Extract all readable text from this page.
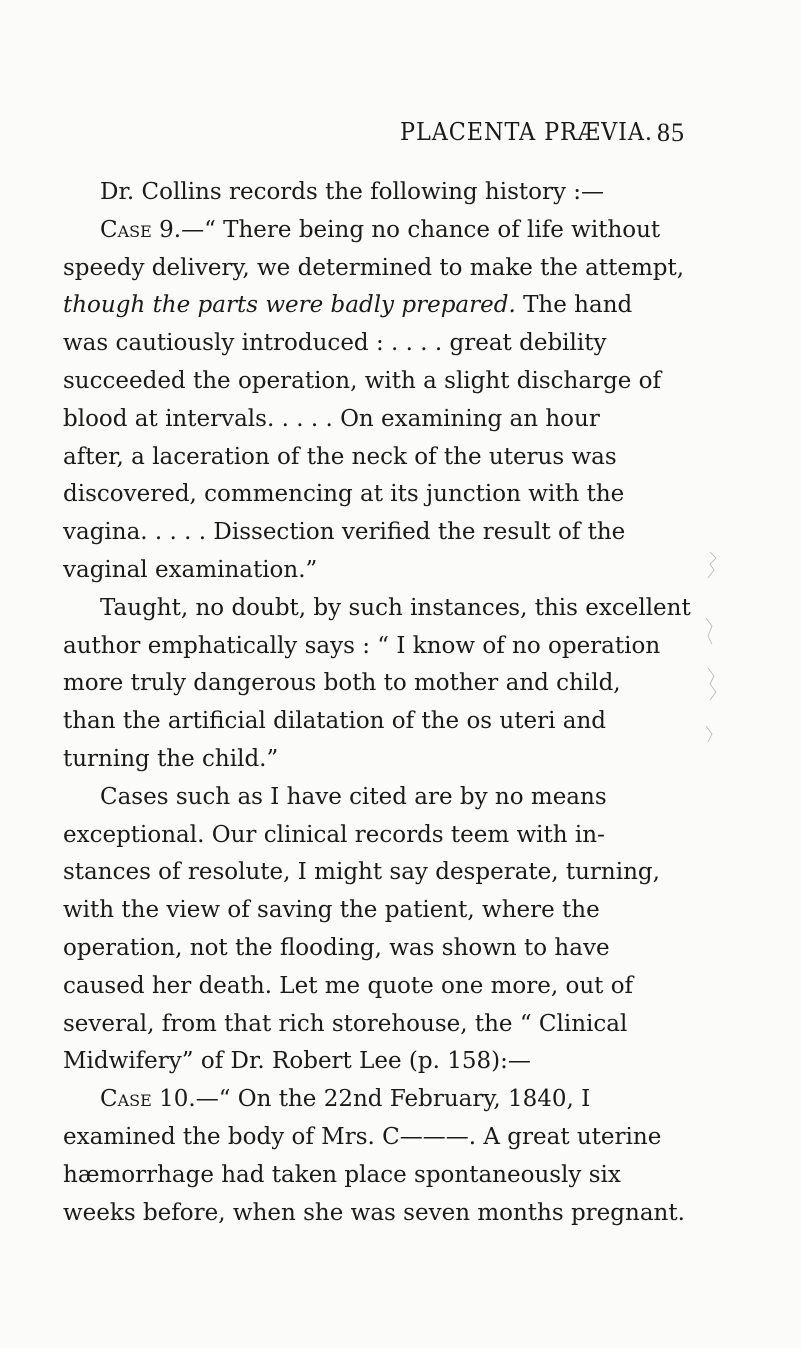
PLACENTA PRÆVIA. 85
Dr. Collins records the following history :—
Case 9.—“ There being no chance of life without
speedy delivery, we determined to make the attempt,
though the parts were badly prepared. The hand
was cautiously introduced : . . . . great debility
succeeded the operation, with a slight discharge of
blood at intervals. . . . . On examining an hour
after, a laceration of the neck of the uterus was
discovered, commencing at its junction with the
vagina. . . . . Dissection verified the result of the
vaginal examination.”
Taught, no doubt, by such instances, this excellent
author emphatically says : “ I know of no operation
more truly dangerous both to mother and child,
than the artificial dilatation of the os uteri and
turning the child.”
Cases such as I have cited are by no means
exceptional. Our clinical records teem with in-
stances of resolute, I might say desperate, turning,
with the view of saving the patient, where the
operation, not the flooding, was shown to have
caused her death. Let me quote one more, out of
several, from that rich storehouse, the “ Clinical
Midwifery” of Dr. Robert Lee (p. 158):—
Case 10.—“ On the 22nd February, 1840, I
examined the body of Mrs. C———. A great uterine
hæmorrhage had taken place spontaneously six
weeks before, when she was seven months pregnant.
